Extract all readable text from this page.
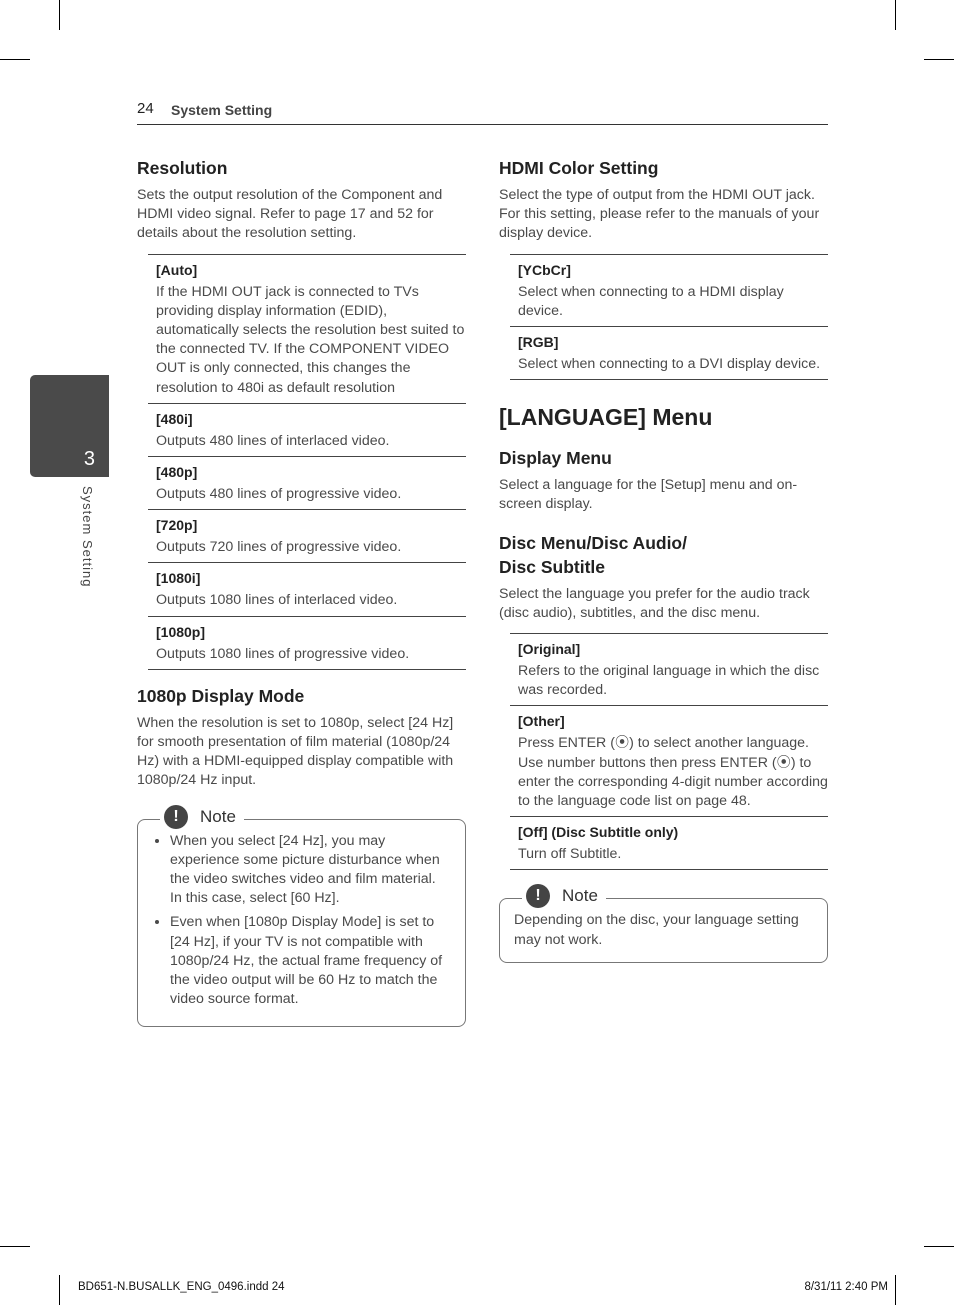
24 System Setting
3
System Setting
Resolution

Sets the output resolution of the Component and HDMI video signal. Refer to page 17 and 52 for details about the resolution setting.

[Auto]
If the HDMI OUT jack is connected to TVs providing display information (EDID), automatically selects the resolution best suited to the connected TV. If the COMPONENT VIDEO OUT is only connected, this changes the resolution to 480i as default resolution
[480i]
Outputs 480 lines of interlaced video.
[480p]
Outputs 480 lines of progressive video.
[720p]
Outputs 720 lines of progressive video.
[1080i]
Outputs 1080 lines of interlaced video.
[1080p]
Outputs 1080 lines of progressive video.
1080p Display Mode

When the resolution is set to 1080p, select [24 Hz] for smooth presentation of film material (1080p/24 Hz) with a HDMI-equipped display compatible with 1080p/24 Hz input.

!	Note
• When you select [24 Hz], you may experience some picture disturbance when the video switches video and film material. In this case, select [60 Hz].
• Even when [1080p Display Mode] is set to [24 Hz], if your TV is not compatible with 1080p/24 Hz, the actual frame frequency of the video output will be 60 Hz to match the video source format.
HDMI Color Setting

Select the type of output from the HDMI OUT jack. For this setting, please refer to the manuals of your display device.

[YCbCr]
Select when connecting to a HDMI display device.
[RGB]
Select when connecting to a DVI display device.
[LANGUAGE] Menu
Display Menu

Select a language for the [Setup] menu and on-screen display.

Disc Menu/Disc Audio/
Disc Subtitle

Select the language you prefer for the audio track (disc audio), subtitles, and the disc menu.

[Original]
Refers to the original language in which the disc was recorded.
[Other]
Press ENTER (⦿) to select another language. Use number buttons then press ENTER (⦿) to enter the corresponding 4-digit number according to the language code list on page 48.
[Off] (Disc Subtitle only)
Turn off Subtitle.
!	Note

Depending on the disc, your language setting may not work.

BD651-N.BUSALLK_ENG_0496.indd 24	8/31/11 2:40 PM
